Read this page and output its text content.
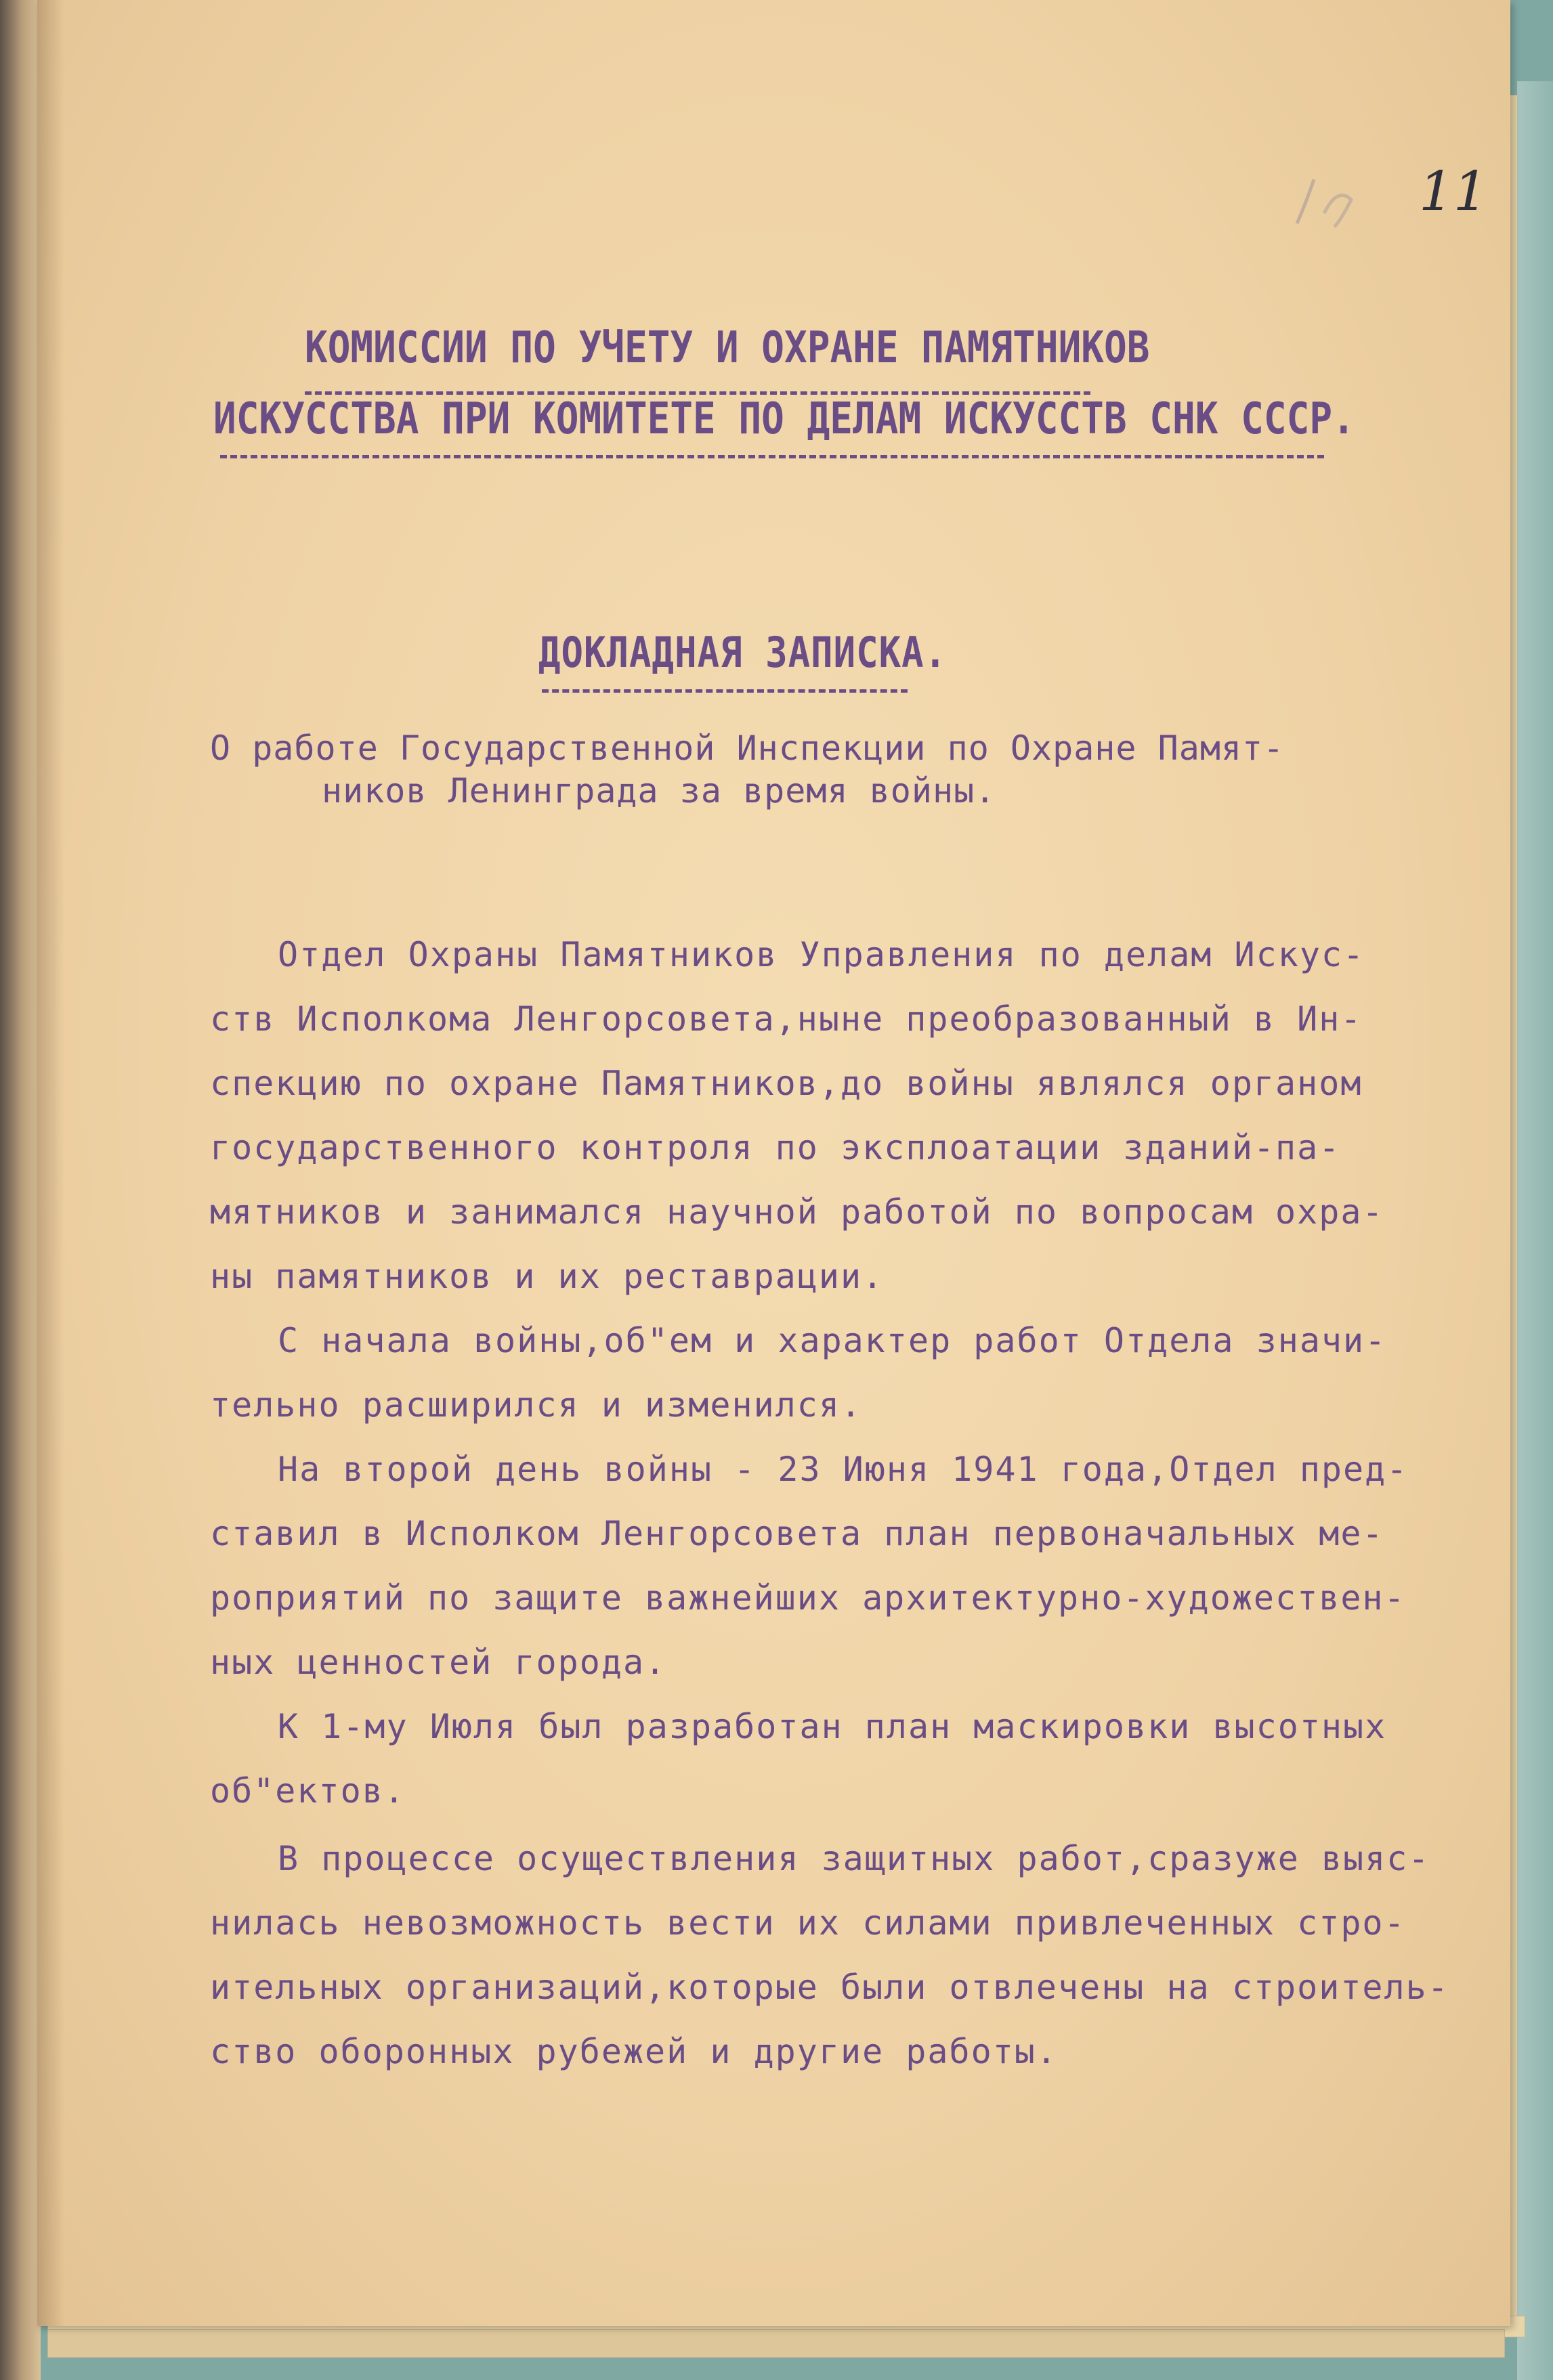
11
КОМИССИИ ПО УЧЕТУ И ОХРАНЕ ПАМЯТНИКОВ
ИСКУССТВА ПРИ КОМИТЕТЕ ПО ДЕЛАМ ИСКУССТВ СНК СССР.
ДОКЛАДНАЯ ЗАПИСКА.
О работе Государственной Инспекции по Охране Памят-
ников Ленинграда за время войны.
Отдел Охраны Памятников Управления по делам Искус-
ств Исполкома Ленгорсовета,ныне преобразованный в Ин-
спекцию по охране Памятников,до войны являлся органом
государственного контроля по эксплоатации зданий-па-
мятников и занимался научной работой по вопросам охра-
ны памятников и их реставрации.
С начала войны,об"ем и характер работ Отдела значи-
тельно расширился и изменился.
На второй день войны - 23 Июня 1941 года,Отдел пред-
ставил в Исполком Ленгорсовета план первоначальных ме-
роприятий по защите важнейших архитектурно-художествен-
ных ценностей города.
К 1-му Июля был разработан план маскировки высотных
об"ектов.
В процессе осуществления защитных работ,сразуже выяс-
нилась невозможность вести их силами привлеченных стро-
ительных организаций,которые были отвлечены на строитель-
ство оборонных рубежей и другие работы.
